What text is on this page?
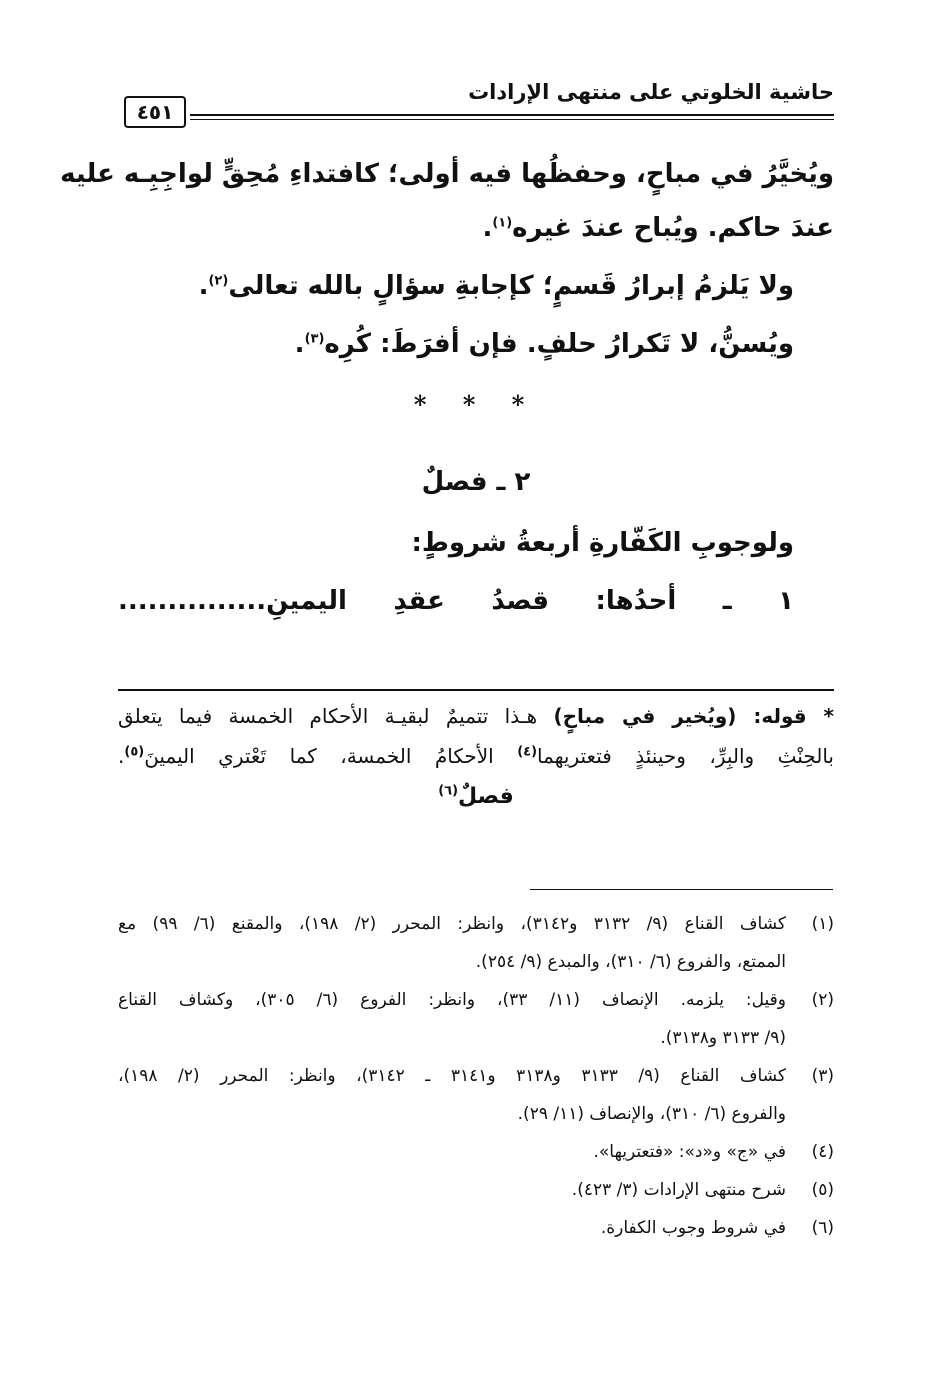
حاشية الخلوتي على منتهى الإرادات
٤٥١

ويُخيَّرُ في مباحٍ، وحفظُها فيه أولى؛ كافتداءِ مُحِقٍّ لواجِبِـه عليه

عندَ حاكم. ويُباح عندَ غيره$^{(١)}$.

ولا يَلزمُ إبرارُ قَسمٍ؛ كإجابةِ سؤالٍ بالله تعالى$^{(٢)}$.

ويُسنُّ، لا تَكرارُ حلفٍ. فإن أفرَطَ: كُرِه$^{(٣)}$.

* * *

٢ ـ فصلٌ

ولوجوبِ الكَفّارةِ أربعةُ شروطٍ:

١ ـ أحدُها: قصدُ عقدِ اليمينِ...............

* قوله: (ويُخير في مباحٍ) هـذا تتميمٌ لبقيـة الأحكام الخمسة فيما يتعلق

بالحِنْثِ والبِرِّ، وحينئذٍ فتعتريهما$^{(٤)}$ الأحكامُ الخمسة، كما تَعْتري اليمينَ$^{(٥)}$.

فصلٌ$^{(٦)}$

(١)

كشاف القناع (٩/ ٣١٣٢ و٣١٤٢)، وانظر: المحرر (٢/ ١٩٨)، والمقنع (٦/ ٩٩) مع

الممتع، والفروع (٦/ ٣١٠)، والمبدع (٩/ ٢٥٤).

(٢)

وقيل: يلزمه. الإنصاف (١١/ ٣٣)، وانظر: الفروع (٦/ ٣٠٥)، وكشاف القناع

(٩/ ٣١٣٣ و٣١٣٨).

(٣)

كشاف القناع (٩/ ٣١٣٣ و٣١٣٨ و٣١٤١ ـ ٣١٤٢)، وانظر: المحرر (٢/ ١٩٨)،

والفروع (٦/ ٣١٠)، والإنصاف (١١/ ٢٩).

(٤)

في «ج» و«د»: «فتعتريها».

(٥)

شرح منتهى الإرادات (٣/ ٤٢٣).

(٦)

في شروط وجوب الكفارة.
